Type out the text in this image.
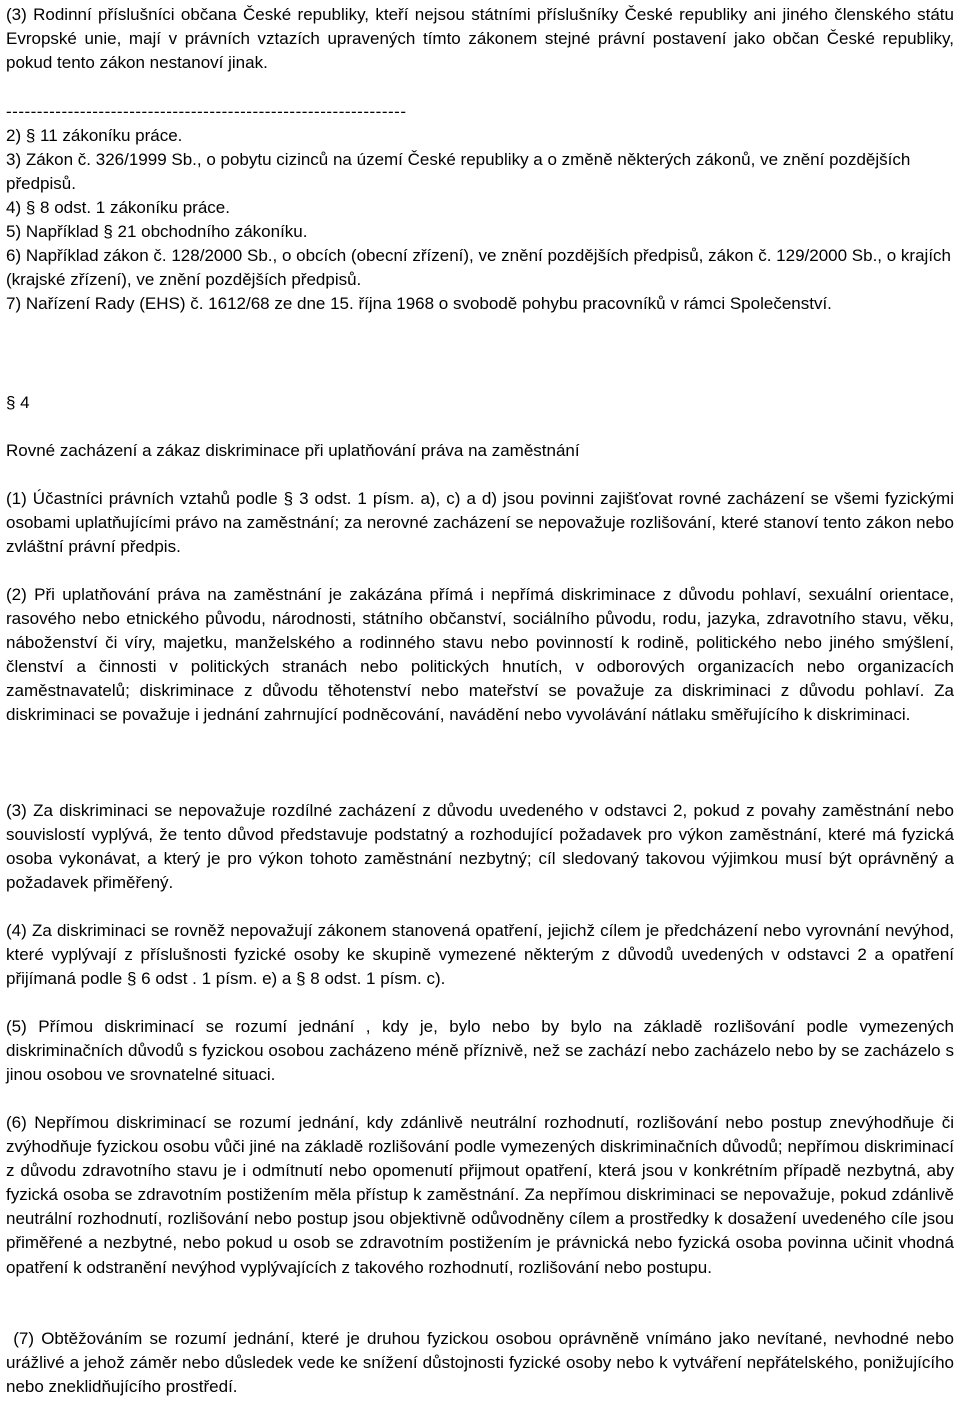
(3) Rodinní příslušníci občana České republiky, kteří nejsou státními příslušníky České republiky ani jiného členského státu Evropské unie, mají v právních vztazích upravených tímto zákonem stejné právní postavení jako občan České republiky, pokud tento zákon nestanoví jinak.

-----------------------------------------------------------------

2) § 11 zákoníku práce.

3) Zákon č. 326/1999 Sb., o pobytu cizinců na území České republiky a o změně některých zákonů, ve znění pozdějších předpisů.

4) § 8 odst. 1 zákoníku práce.

5) Například § 21 obchodního zákoníku.

6) Například zákon č. 128/2000 Sb., o obcích (obecní zřízení), ve znění pozdějších předpisů, zákon č. 129/2000 Sb., o krajích (krajské zřízení), ve znění pozdějších předpisů.

7) Nařízení Rady (EHS) č. 1612/68 ze dne 15. října 1968 o svobodě pohybu pracovníků v rámci Společenství.

§ 4

Rovné zacházení a zákaz diskriminace při uplatňování práva na zaměstnání

(1) Účastníci právních vztahů podle § 3 odst. 1 písm. a), c) a d) jsou povinni zajišťovat rovné zacházení se všemi fyzickými osobami uplatňujícími právo na zaměstnání; za nerovné zacházení se nepovažuje rozlišování, které stanoví tento zákon nebo zvláštní právní předpis.

(2) Při uplatňování práva na zaměstnání je zakázána přímá i nepřímá diskriminace z důvodu pohlaví, sexuální orientace, rasového nebo etnického původu, národnosti, státního občanství, sociálního původu, rodu, jazyka, zdravotního stavu, věku, náboženství či víry, majetku, manželského a rodinného stavu nebo povinností k rodině, politického nebo jiného smýšlení, členství a činnosti v politických stranách nebo politických hnutích, v odborových organizacích nebo organizacích zaměstnavatelů; diskriminace z důvodu těhotenství nebo mateřství se považuje za diskriminaci z důvodu pohlaví. Za diskriminaci se považuje i jednání zahrnující podněcování, navádění nebo vyvolávání nátlaku směřujícího k diskriminaci.

(3) Za diskriminaci se nepovažuje rozdílné zacházení z důvodu uvedeného v odstavci 2, pokud z povahy zaměstnání nebo souvislostí vyplývá, že tento důvod představuje podstatný a rozhodující požadavek pro výkon zaměstnání, které má fyzická osoba vykonávat, a který je pro výkon tohoto zaměstnání nezbytný; cíl sledovaný takovou výjimkou musí být oprávněný a požadavek přiměřený.

(4) Za diskriminaci se rovněž nepovažují zákonem stanovená opatření, jejichž cílem je předcházení nebo vyrovnání nevýhod, které vyplývají z příslušnosti fyzické osoby ke skupině vymezené některým z důvodů uvedených v odstavci 2 a opatření přijímaná podle § 6 odst . 1 písm. e) a § 8 odst. 1 písm. c).

(5) Přímou diskriminací se rozumí jednání , kdy je, bylo nebo by bylo na základě rozlišování podle vymezených diskriminačních důvodů s fyzickou osobou zacházeno méně příznivě, než se zachází nebo zacházelo nebo by se zacházelo s jinou osobou ve srovnatelné situaci.

(6) Nepřímou diskriminací se rozumí jednání, kdy zdánlivě neutrální rozhodnutí, rozlišování nebo postup znevýhodňuje či zvýhodňuje fyzickou osobu vůči jiné na základě rozlišování podle vymezených diskriminačních důvodů; nepřímou diskriminací z důvodu zdravotního stavu je i odmítnutí nebo opomenutí přijmout opatření, která jsou v konkrétním případě nezbytná, aby fyzická osoba se zdravotním postižením měla přístup k zaměstnání. Za nepřímou diskriminaci se nepovažuje, pokud zdánlivě neutrální rozhodnutí, rozlišování nebo postup jsou objektivně odůvodněny cílem a prostředky k dosažení uvedeného cíle jsou přiměřené a nezbytné, nebo pokud u osob se zdravotním postižením je právnická nebo fyzická osoba povinna učinit vhodná opatření k odstranění nevýhod vyplývajících z takového rozhodnutí, rozlišování nebo postupu.

(7) Obtěžováním se rozumí jednání, které je druhou fyzickou osobou oprávněně vnímáno jako nevítané, nevhodné nebo urážlivé a jehož záměr nebo důsledek vede ke snížení důstojnosti fyzické osoby nebo k vytváření nepřátelského, ponižujícího nebo zneklidňujícího prostředí.
